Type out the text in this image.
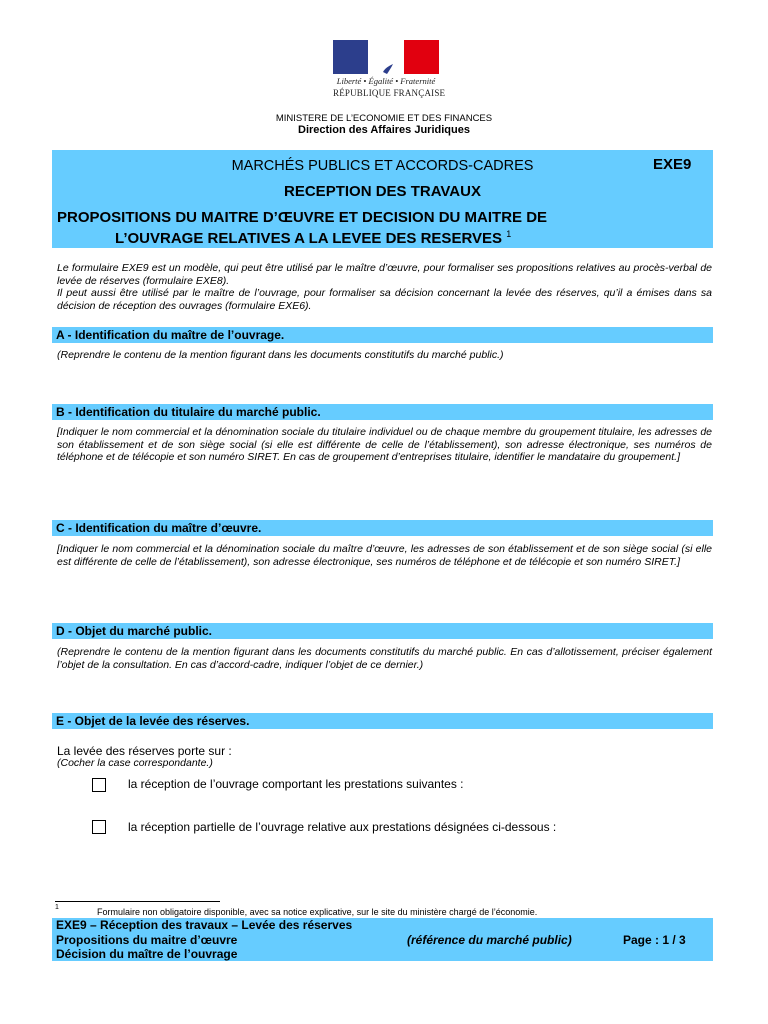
Liberté • Égalité • Fraternité
RÉPUBLIQUE FRANÇAISE
MINISTERE DE L’ECONOMIE ET DES FINANCES
Direction des Affaires Juridiques
MARCHÉS PUBLICS ET ACCORDS-CADRES	EXE9
RECEPTION DES TRAVAUX
PROPOSITIONS DU MAITRE D’ŒUVRE ET DECISION DU MAITRE DE
L’OUVRAGE RELATIVES A LA LEVEE DES RESERVES $^1$

Le formulaire EXE9 est un modèle, qui peut être utilisé par le maître d’œuvre, pour formaliser ses propositions relatives au procès-verbal de levée de réserves (formulaire EXE8).

Il peut aussi être utilisé par le maître de l’ouvrage, pour formaliser sa décision concernant la levée des réserves, qu’il a émises dans sa décision de réception des ouvrages (formulaire EXE6).

A - Identification du maître de l’ouvrage.
(Reprendre le contenu de la mention figurant dans les documents constitutifs du marché public.)
B - Identification du titulaire du marché public.
[Indiquer le nom commercial et la dénomination sociale du titulaire individuel ou de chaque membre du groupement titulaire, les adresses de son établissement et de son siège social (si elle est différente de celle de l’établissement), son adresse électronique, ses numéros de téléphone et de télécopie et son numéro SIRET. En cas de groupement d’entreprises titulaire, identifier le mandataire du groupement.]
C - Identification du maître d’œuvre.
[Indiquer le nom commercial et la dénomination sociale du maître d’œuvre, les adresses de son établissement et de son siège social (si elle est différente de celle de l’établissement), son adresse électronique, ses numéros de téléphone et de télécopie et son numéro SIRET.]
D - Objet du marché public.
(Reprendre le contenu de la mention figurant dans les documents constitutifs du marché public. En cas d’allotissement, préciser également l’objet de la consultation. En cas d’accord-cadre, indiquer l’objet de ce dernier.)
E - Objet de la levée des réserves.
La levée des réserves porte sur :
(Cocher la case correspondante.)
la réception de l’ouvrage comportant les prestations suivantes :
la réception partielle de l’ouvrage relative aux prestations désignées ci-dessous :
1	Formulaire non obligatoire disponible, avec sa notice explicative, sur le site du ministère chargé de l’économie.
EXE9 – Réception des travaux – Levée des réserves
Propositions du maitre d’œuvre
Décision du maître de l’ouvrage
(référence du marché public)	Page : 1 / 3
